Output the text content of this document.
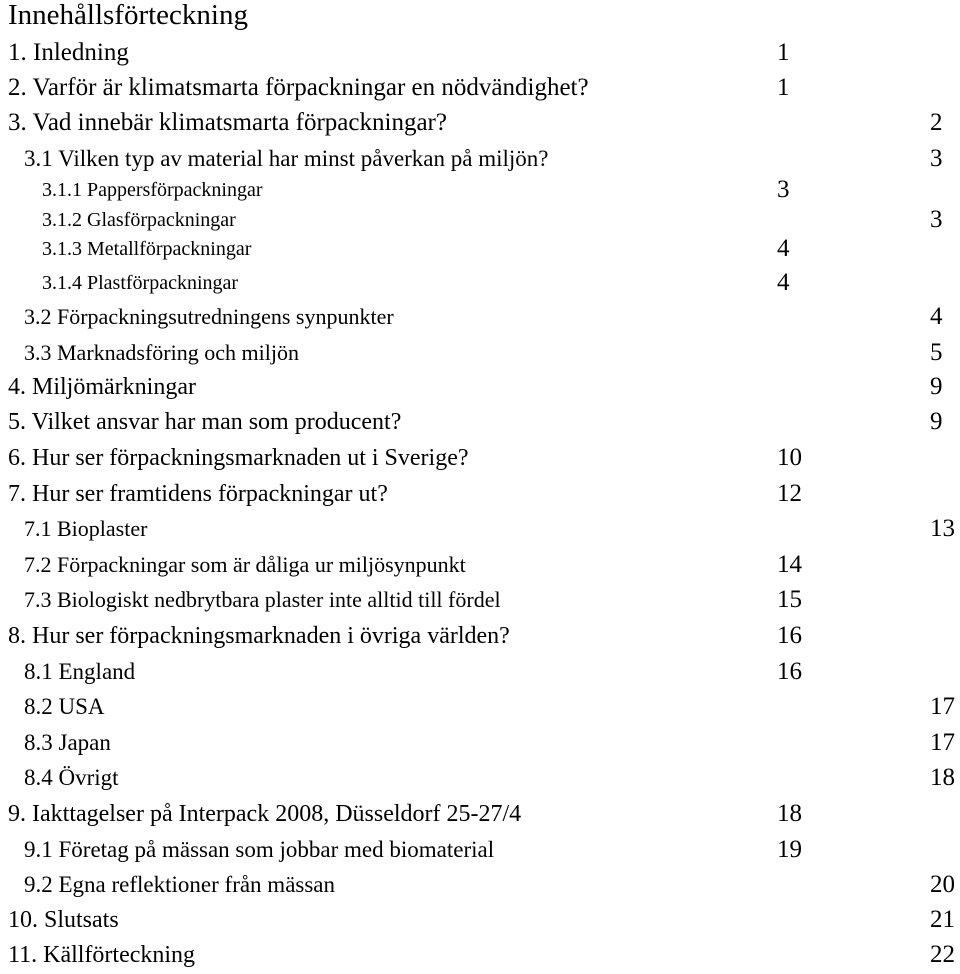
Innehållsförteckning
1. Inledning	1
2. Varför är klimatsmarta förpackningar en nödvändighet?	1
3. Vad innebär klimatsmarta förpackningar?	2
3.1 Vilken typ av material har minst påverkan på miljön?	3
3.1.1 Pappersförpackningar	3
3.1.2 Glasförpackningar	3
3.1.3 Metallförpackningar	4
3.1.4 Plastförpackningar	4
3.2 Förpackningsutredningens synpunkter	4
3.3 Marknadsföring och miljön	5
4. Miljömärkningar	9
5. Vilket ansvar har man som producent?	9
6. Hur ser förpackningsmarknaden ut i Sverige?	10
7. Hur ser framtidens förpackningar ut?	12
7.1 Bioplaster	13
7.2 Förpackningar som är dåliga ur miljösynpunkt	14
7.3 Biologiskt nedbrytbara plaster inte alltid till fördel	15
8. Hur ser förpackningsmarknaden i övriga världen?	16
8.1 England	16
8.2 USA	17
8.3 Japan	17
8.4 Övrigt	18
9. Iakttagelser på Interpack 2008, Düsseldorf 25-27/4	18
9.1 Företag på mässan som jobbar med biomaterial	19
9.2 Egna reflektioner från mässan	20
10. Slutsats	21
11. Källförteckning	22
